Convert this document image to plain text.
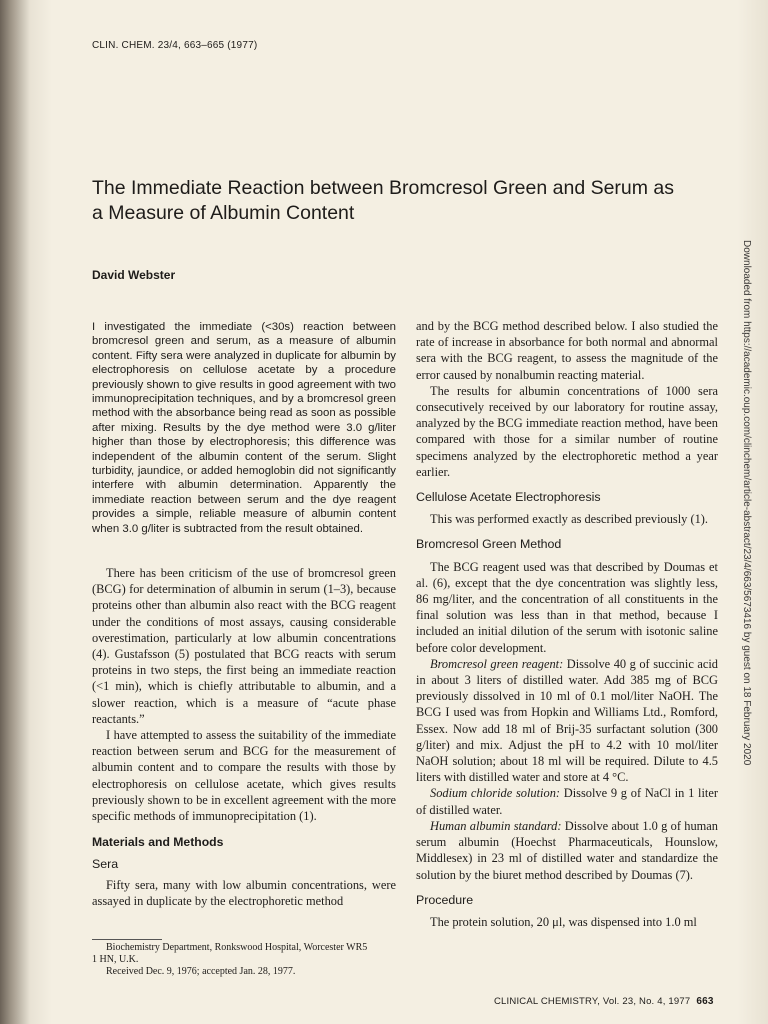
CLIN. CHEM. 23/4, 663–665 (1977)
The Immediate Reaction between Bromcresol Green and Serum as
a Measure of Albumin Content
David Webster
I investigated the immediate (<30s) reaction between bromcresol green and serum, as a measure of albumin content. Fifty sera were analyzed in duplicate for albumin by electrophoresis on cellulose acetate by a procedure previously shown to give results in good agreement with two immunoprecipitation techniques, and by a bromcresol green method with the absorbance being read as soon as possible after mixing. Results by the dye method were 3.0 g/liter higher than those by electrophoresis; this difference was independent of the albumin content of the serum. Slight turbidity, jaundice, or added hemoglobin did not significantly interfere with albumin determination. Apparently the immediate reaction between serum and the dye reagent provides a simple, reliable measure of albumin content when 3.0 g/liter is subtracted from the result obtained.

There has been criticism of the use of bromcresol green (BCG) for determination of albumin in serum (1–3), because proteins other than albumin also react with the BCG reagent under the conditions of most assays, causing considerable overestimation, particularly at low albumin concentrations (4). Gustafsson (5) postulated that BCG reacts with serum proteins in two steps, the first being an immediate reaction (<1 min), which is chiefly attributable to albumin, and a slower reaction, which is a measure of “acute phase reactants.”

I have attempted to assess the suitability of the immediate reaction between serum and BCG for the measurement of albumin content and to compare the results with those by electrophoresis on cellulose acetate, which gives results previously shown to be in excellent agreement with the more specific methods of immunoprecipitation (1).

Materials and Methods
Sera

Fifty sera, many with low albumin concentrations, were assayed in duplicate by the electrophoretic method

and by the BCG method described below. I also studied the rate of increase in absorbance for both normal and abnormal sera with the BCG reagent, to assess the magnitude of the error caused by nonalbumin reacting material.

The results for albumin concentrations of 1000 sera consecutively received by our laboratory for routine assay, analyzed by the BCG immediate reaction method, have been compared with those for a similar number of routine specimens analyzed by the electrophoretic method a year earlier.

Cellulose Acetate Electrophoresis

This was performed exactly as described previously (1).

Bromcresol Green Method

The BCG reagent used was that described by Doumas et al. (6), except that the dye concentration was slightly less, 86 mg/liter, and the concentration of all constituents in the final solution was less than in that method, because I included an initial dilution of the serum with isotonic saline before color development.

Bromcresol green reagent: Dissolve 40 g of succinic acid in about 3 liters of distilled water. Add 385 mg of BCG previously dissolved in 10 ml of 0.1 mol/liter NaOH. The BCG I used was from Hopkin and Williams Ltd., Romford, Essex. Now add 18 ml of Brij-35 surfactant solution (300 g/liter) and mix. Adjust the pH to 4.2 with 10 mol/liter NaOH solution; about 18 ml will be required. Dilute to 4.5 liters with distilled water and store at 4 °C.

Sodium chloride solution: Dissolve 9 g of NaCl in 1 liter of distilled water.

Human albumin standard: Dissolve about 1.0 g of human serum albumin (Hoechst Pharmaceuticals, Hounslow, Middlesex) in 23 ml of distilled water and standardize the solution by the biuret method described by Doumas (7).

Procedure

The protein solution, 20 μl, was dispensed into 1.0 ml

Biochemistry Department, Ronkswood Hospital, Worcester WR5
1 HN, U.K.
Received Dec. 9, 1976; accepted Jan. 28, 1977.
CLINICAL CHEMISTRY, Vol. 23, No. 4, 1977 663
Downloaded from https://academic.oup.com/clinchem/article-abstract/23/4/663/5673416 by guest on 18 February 2020
